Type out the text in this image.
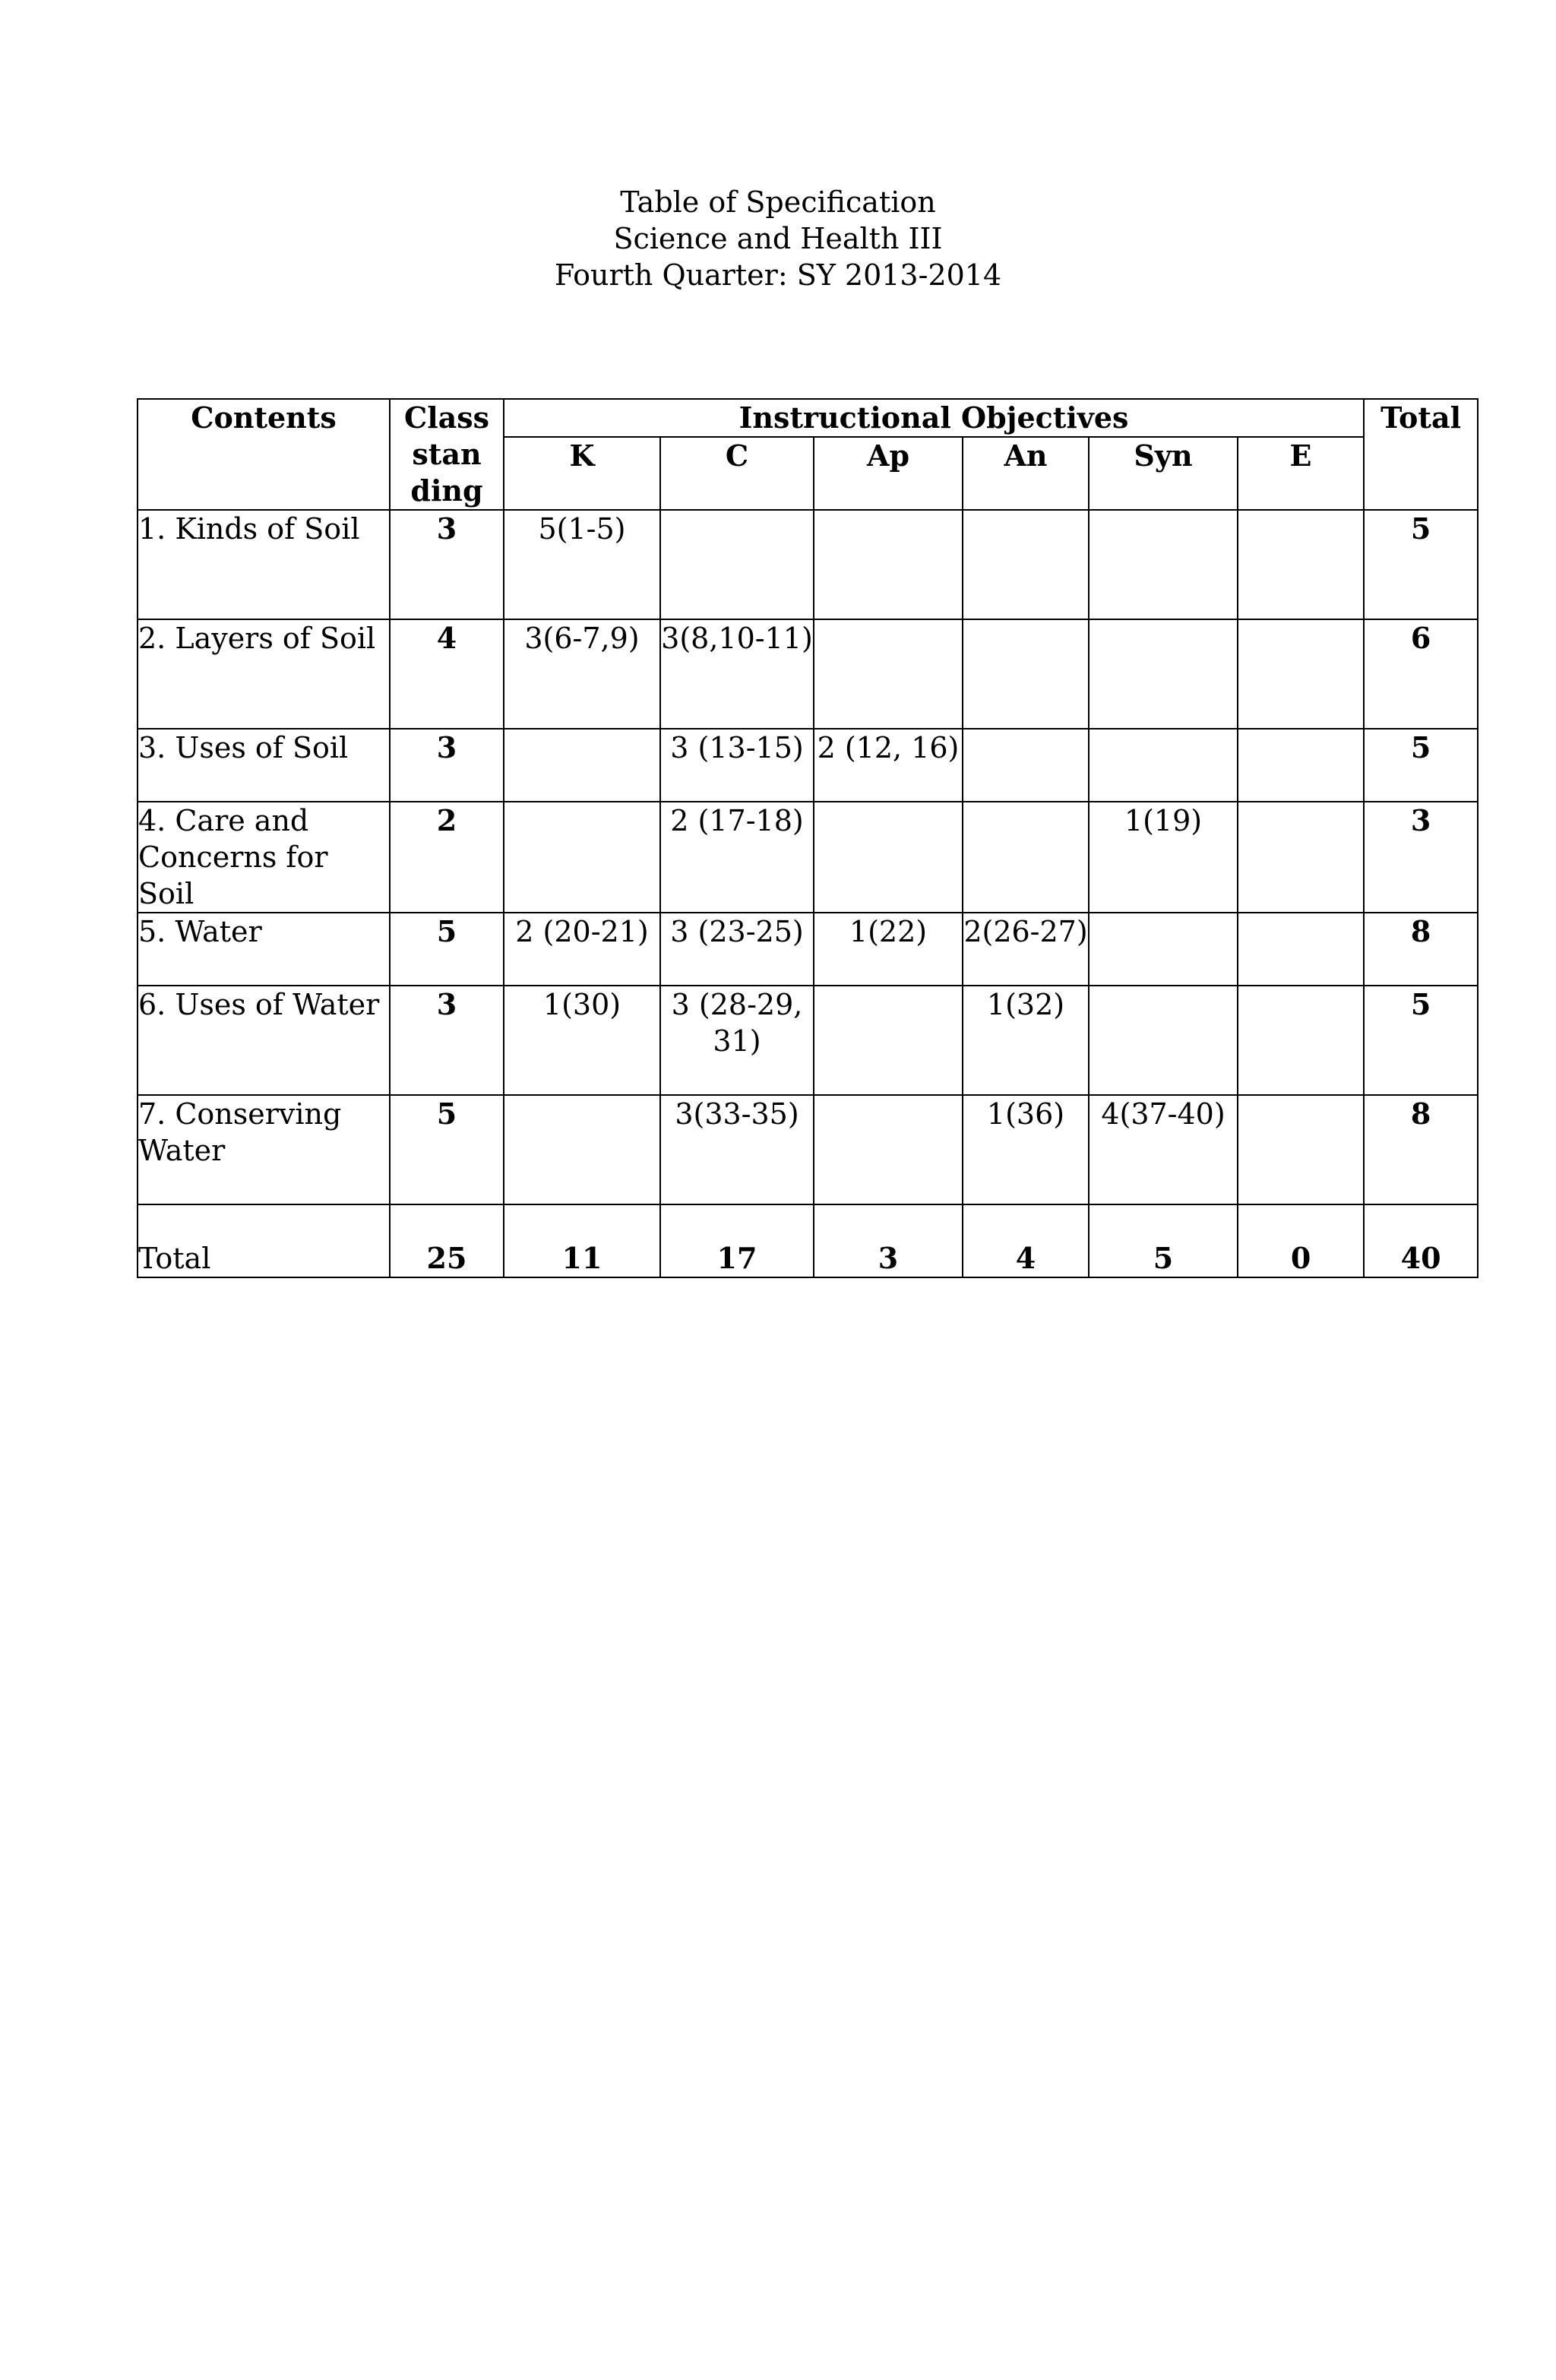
Table of Specification
Science and Health III
Fourth Quarter: SY 2013-2014
Contents	Class stan ding	Instructional Objectives						Total
		K	C	Ap	An	Syn	E	
1. Kinds of Soil	3	5(1-5)						5
2. Layers of Soil	4	3(6-7,9)	3(8,10-11)					6
3. Uses of Soil	3		3 (13-15)	2 (12, 16)				5
4. Care and Concerns for Soil	2		2 (17-18)			1(19)		3
5. Water	5	2 (20-21)	3 (23-25)	1(22)	2(26-27)			8
6. Uses of Water	3	1(30)	3 (28-29, 31)		1(32)			5
7. Conserving Water	5		3(33-35)		1(36)	4(37-40)		8
Total	25	11	17	3	4	5	0	40
